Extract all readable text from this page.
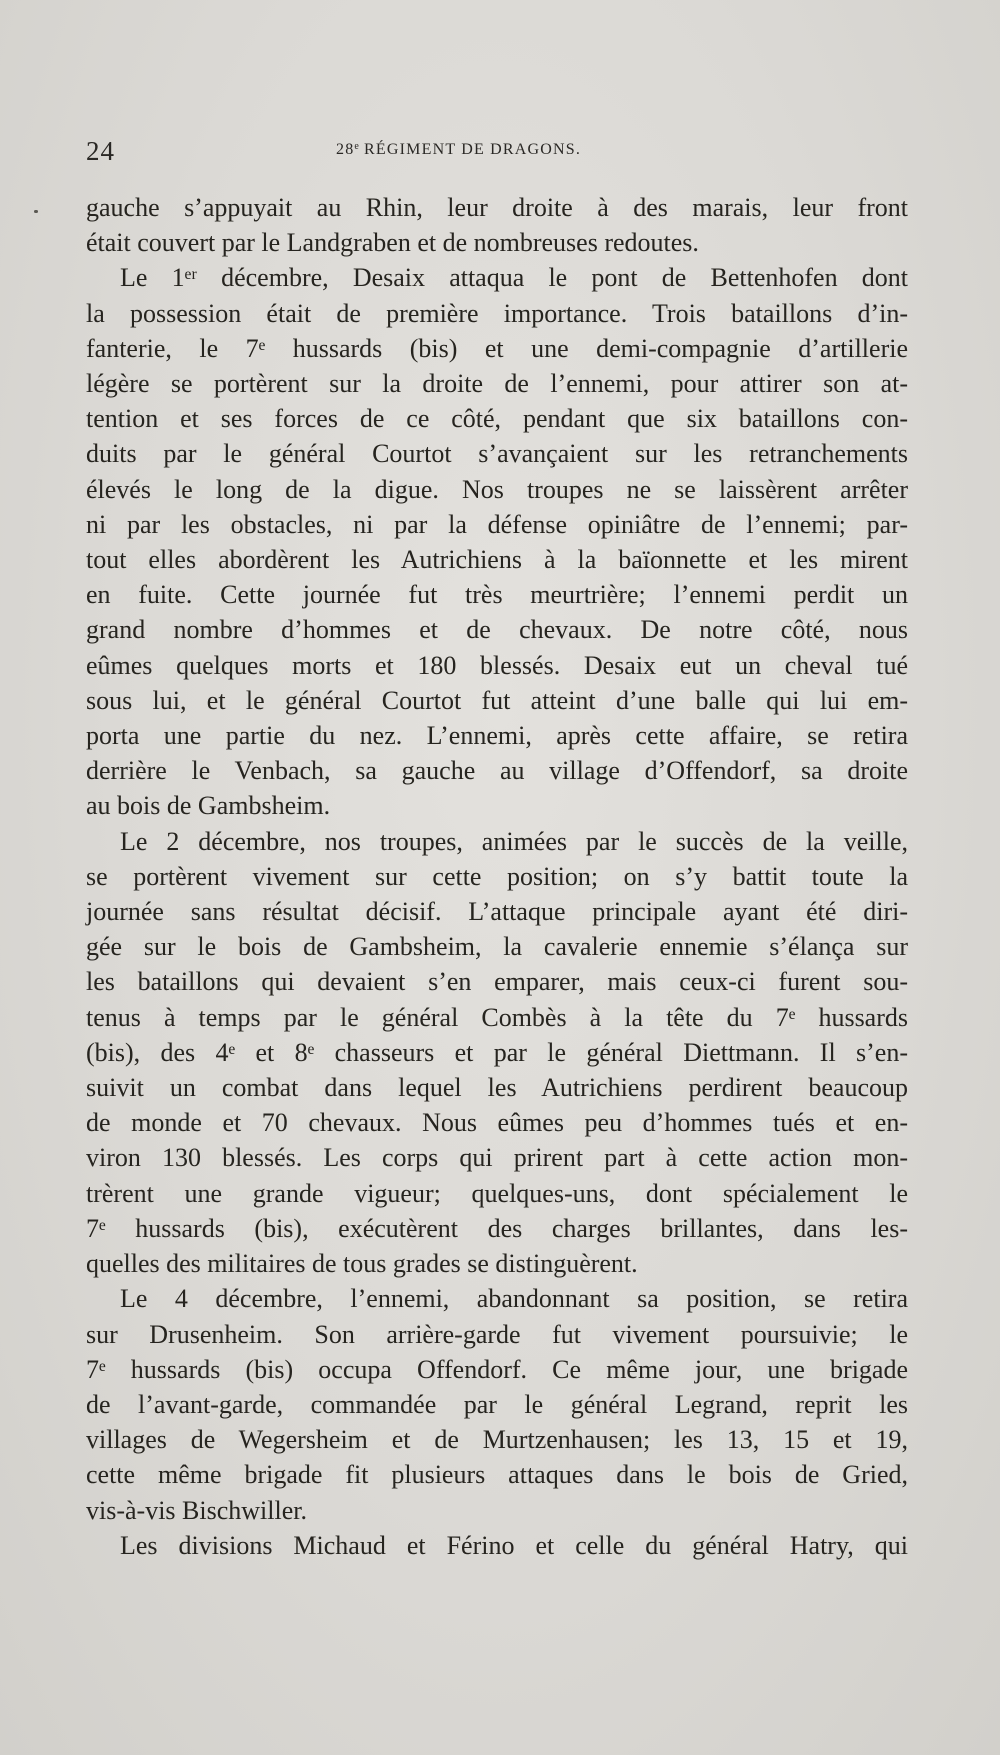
24	28e RÉGIMENT DE DRAGONS.

gauche s’appuyait au Rhin, leur droite à des marais, leur front
était couvert par le Landgraben et de nombreuses redoutes.

Le 1ᵉʳ décembre, Desaix attaqua le pont de Bettenhofen dont
la possession était de première importance. Trois bataillons d’in-
fanterie, le 7ᵉ hussards (bis) et une demi-compagnie d’artillerie
légère se portèrent sur la droite de l’ennemi, pour attirer son at-
tention et ses forces de ce côté, pendant que six bataillons con-
duits par le général Courtot s’avançaient sur les retranchements
élevés le long de la digue. Nos troupes ne se laissèrent arrêter
ni par les obstacles, ni par la défense opiniâtre de l’ennemi; par-
tout elles abordèrent les Autrichiens à la baïonnette et les mirent
en fuite. Cette journée fut très meurtrière; l’ennemi perdit un
grand nombre d’hommes et de chevaux. De notre côté, nous
eûmes quelques morts et 180 blessés. Desaix eut un cheval tué
sous lui, et le général Courtot fut atteint d’une balle qui lui em-
porta une partie du nez. L’ennemi, après cette affaire, se retira
derrière le Venbach, sa gauche au village d’Offendorf, sa droite
au bois de Gambsheim.

Le 2 décembre, nos troupes, animées par le succès de la veille,
se portèrent vivement sur cette position; on s’y battit toute la
journée sans résultat décisif. L’attaque principale ayant été diri-
gée sur le bois de Gambsheim, la cavalerie ennemie s’élança sur
les bataillons qui devaient s’en emparer, mais ceux-ci furent sou-
tenus à temps par le général Combès à la tête du 7ᵉ hussards
(bis), des 4ᵉ et 8ᵉ chasseurs et par le général Diettmann. Il s’en-
suivit un combat dans lequel les Autrichiens perdirent beaucoup
de monde et 70 chevaux. Nous eûmes peu d’hommes tués et en-
viron 130 blessés. Les corps qui prirent part à cette action mon-
trèrent une grande vigueur; quelques-uns, dont spécialement le
7ᵉ hussards (bis), exécutèrent des charges brillantes, dans les-
quelles des militaires de tous grades se distinguèrent.

Le 4 décembre, l’ennemi, abandonnant sa position, se retira
sur Drusenheim. Son arrière-garde fut vivement poursuivie; le
7ᵉ hussards (bis) occupa Offendorf. Ce même jour, une brigade
de l’avant-garde, commandée par le général Legrand, reprit les
villages de Wegersheim et de Murtzenhausen; les 13, 15 et 19,
cette même brigade fit plusieurs attaques dans le bois de Gried,
vis-à-vis Bischwiller.

Les divisions Michaud et Férino et celle du général Hatry, qui
